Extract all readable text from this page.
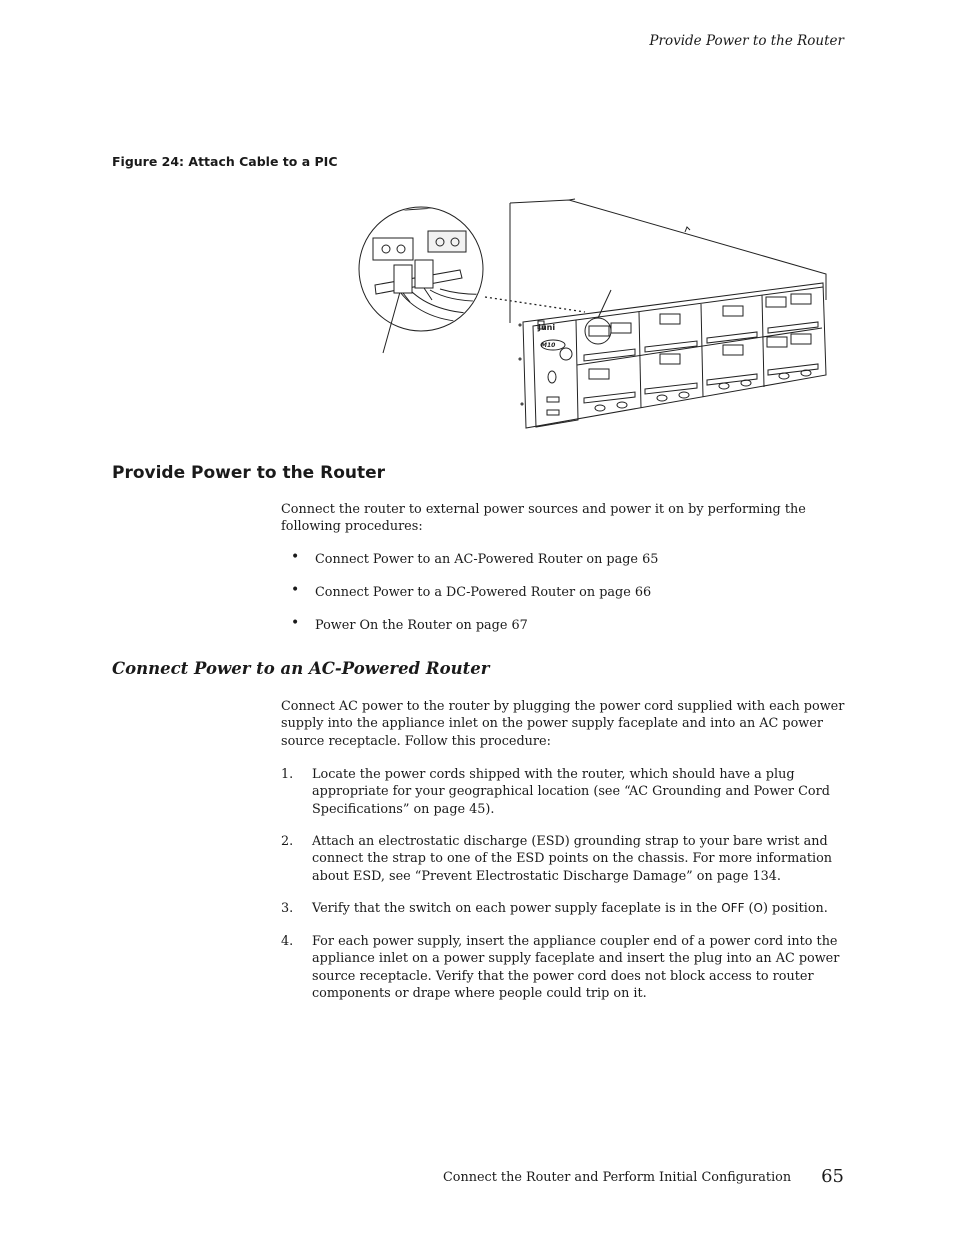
Provide Power to the Router
Figure 24: Attach Cable to a PIC
Juni
M10
Provide Power to the Router
Connect the router to external power sources and power it on by performing the following procedures:
• Connect Power to an AC-Powered Router on page 65
• Connect Power to a DC-Powered Router on page 66
• Power On the Router on page 67
Connect Power to an AC-Powered Router
Connect AC power to the router by plugging the power cord supplied with each power supply into the appliance inlet on the power supply faceplate and into an AC power source receptacle. Follow this procedure:
1. Locate the power cords shipped with the router, which should have a plug appropriate for your geographical location (see “AC Grounding and Power Cord Specifications” on page 45).
2. Attach an electrostatic discharge (ESD) grounding strap to your bare wrist and connect the strap to one of the ESD points on the chassis. For more information about ESD, see “Prevent Electrostatic Discharge Damage” on page 134.
3. Verify that the switch on each power supply faceplate is in the OFF (O) position.
4. For each power supply, insert the appliance coupler end of a power cord into the appliance inlet on a power supply faceplate and insert the plug into an AC power source receptacle. Verify that the power cord does not block access to router components or drape where people could trip on it.
Connect the Router and Perform Initial Configuration 65
